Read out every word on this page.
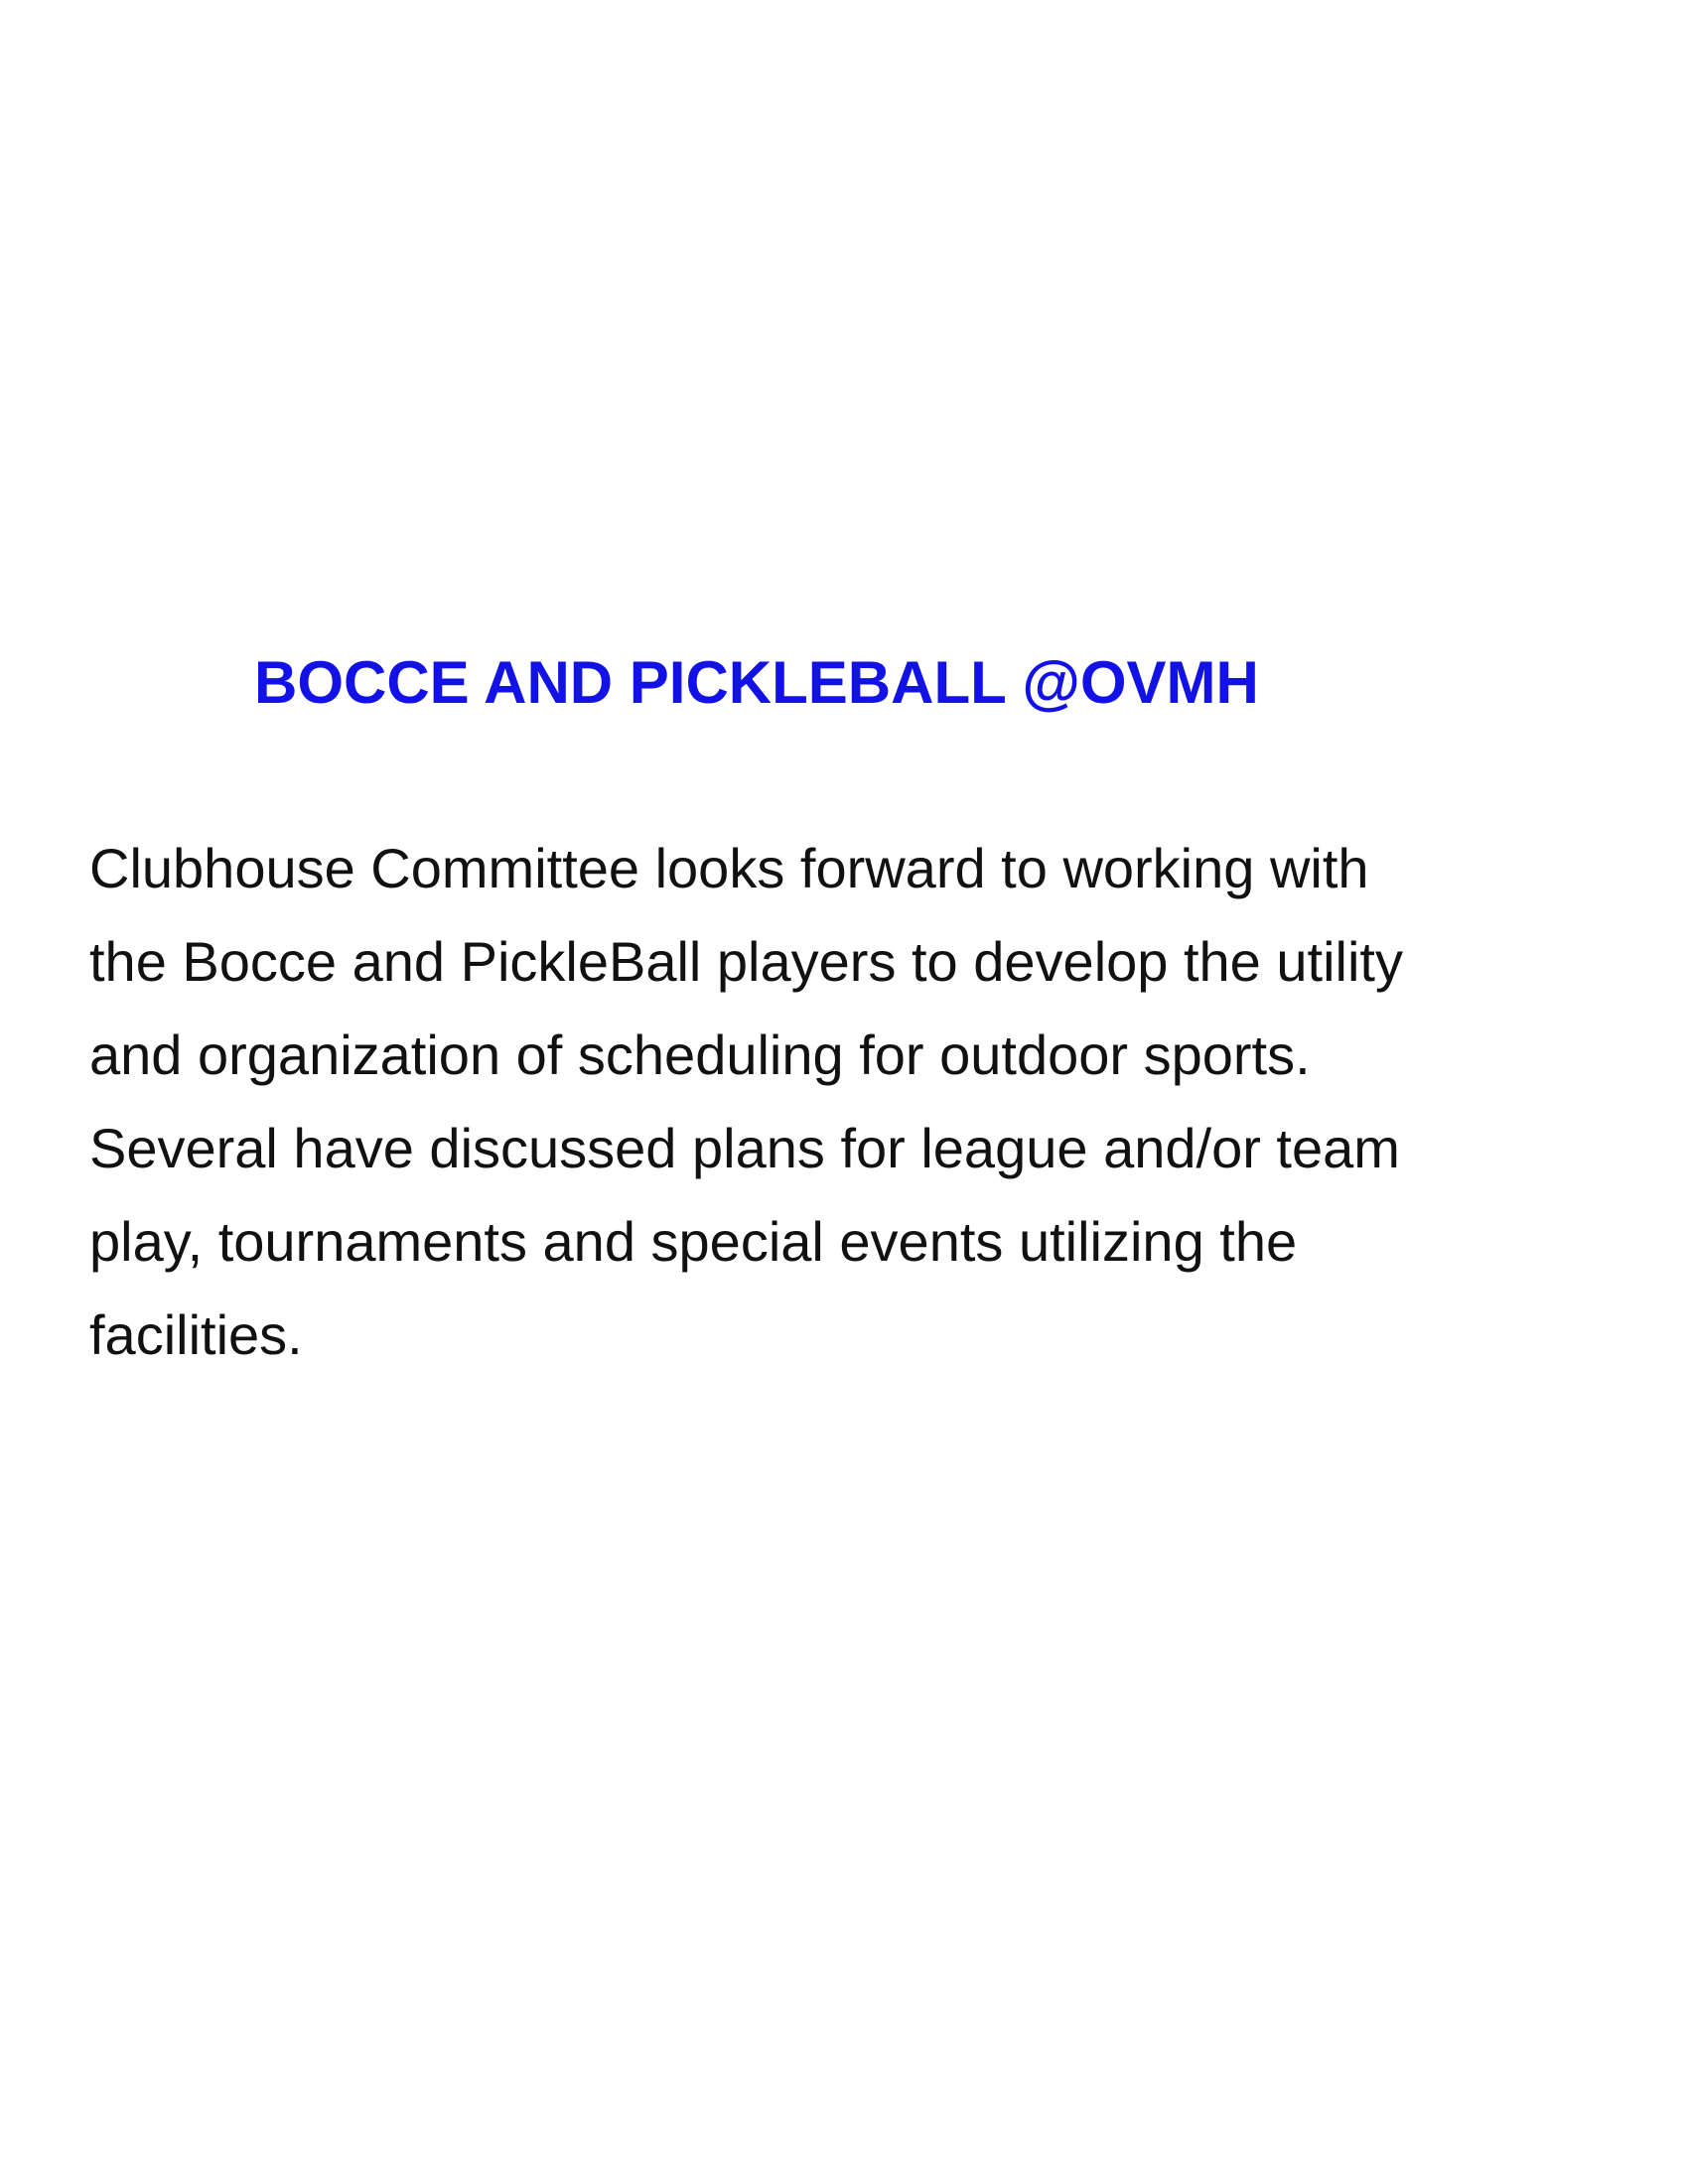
BOCCE AND PICKLEBALL @OVMH

Clubhouse Committee looks forward to working with
the Bocce and PickleBall players to develop the utility
and organization of scheduling for outdoor sports.
Several have discussed plans for league and/or team
play, tournaments and special events utilizing the
facilities.
